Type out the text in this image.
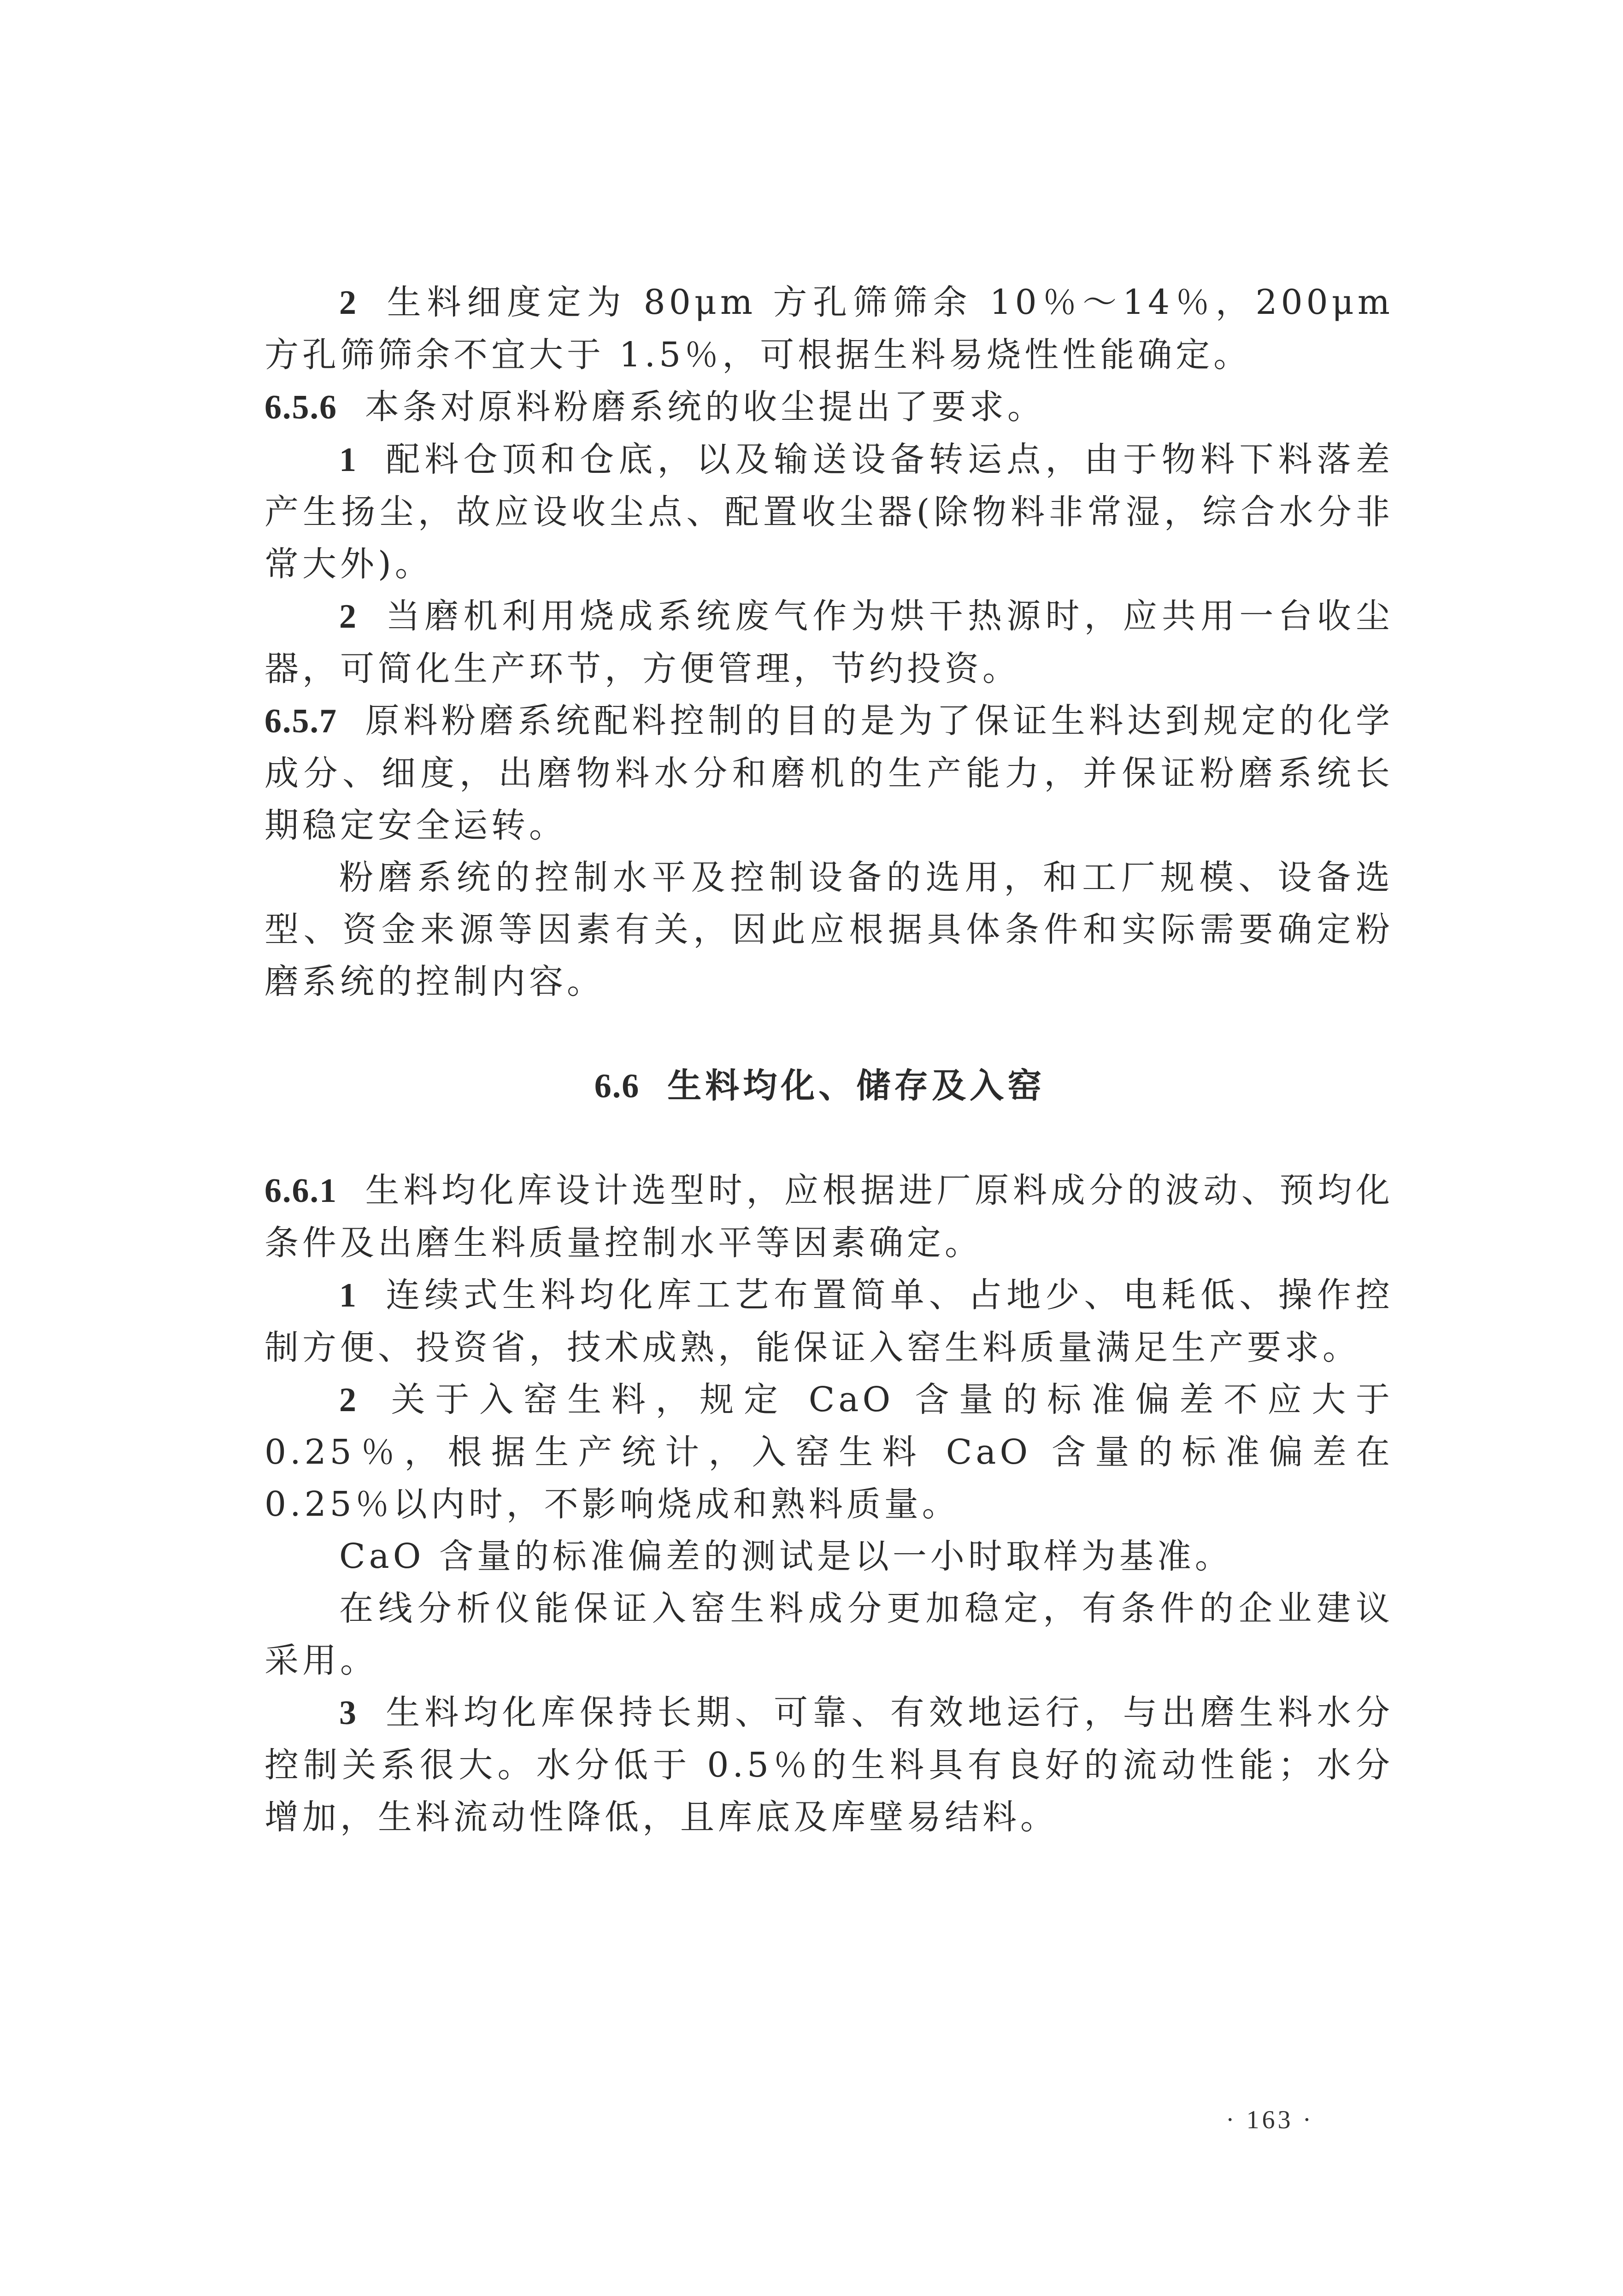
2 生料细度定为 80μm 方孔筛筛余 10％～14％，200μm 方孔筛筛余不宜大于 1.5％，可根据生料易烧性性能确定。

6.5.6 本条对原料粉磨系统的收尘提出了要求。

1 配料仓顶和仓底，以及输送设备转运点，由于物料下料落差产生扬尘，故应设收尘点、配置收尘器(除物料非常湿，综合水分非常大外)。

2 当磨机利用烧成系统废气作为烘干热源时，应共用一台收尘器，可简化生产环节，方便管理，节约投资。

6.5.7 原料粉磨系统配料控制的目的是为了保证生料达到规定的化学成分、细度，出磨物料水分和磨机的生产能力，并保证粉磨系统长期稳定安全运转。

粉磨系统的控制水平及控制设备的选用，和工厂规模、设备选型、资金来源等因素有关，因此应根据具体条件和实际需要确定粉磨系统的控制内容。

6.6 生料均化、储存及入窑

6.6.1 生料均化库设计选型时，应根据进厂原料成分的波动、预均化条件及出磨生料质量控制水平等因素确定。

1 连续式生料均化库工艺布置简单、占地少、电耗低、操作控制方便、投资省，技术成熟，能保证入窑生料质量满足生产要求。

2 关于入窑生料，规定 CaO 含量的标准偏差不应大于 0.25％，根据生产统计，入窑生料 CaO 含量的标准偏差在 0.25％以内时，不影响烧成和熟料质量。

CaO 含量的标准偏差的测试是以一小时取样为基准。

在线分析仪能保证入窑生料成分更加稳定，有条件的企业建议采用。

3 生料均化库保持长期、可靠、有效地运行，与出磨生料水分控制关系很大。水分低于 0.5％的生料具有良好的流动性能；水分增加，生料流动性降低，且库底及库壁易结料。

· 163 ·
